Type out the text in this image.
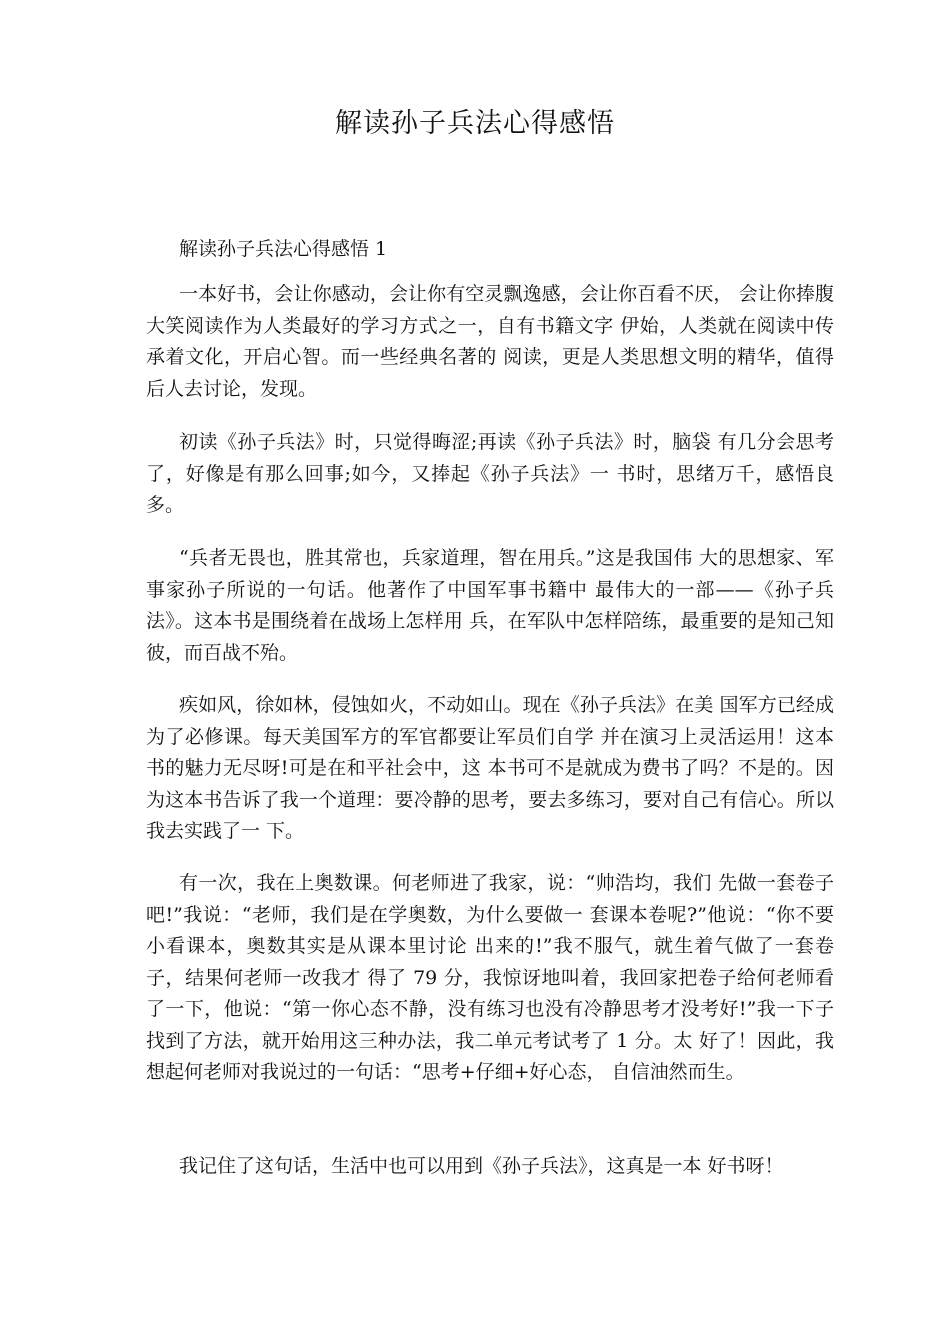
解读孙子兵法心得感悟
解读孙子兵法心得感悟 1

一本好书，会让你感动，会让你有空灵飘逸感，会让你百看不厌， 会让你捧腹大笑阅读作为人类最好的学习方式之一，自有书籍文字 伊始，人类就在阅读中传承着文化，开启心智。而一些经典名著的 阅读，更是人类思想文明的精华，值得后人去讨论，发现。

初读《孙子兵法》时，只觉得晦涩;再读《孙子兵法》时，脑袋 有几分会思考了，好像是有那么回事;如今，又捧起《孙子兵法》一 书时，思绪万千，感悟良多。

“兵者无畏也，胜其常也，兵家道理，智在用兵。”这是我国伟 大的思想家、军事家孙子所说的一句话。他著作了中国军事书籍中 最伟大的一部——《孙子兵法》。这本书是围绕着在战场上怎样用 兵，在军队中怎样陪练，最重要的是知己知彼，而百战不殆。

疾如风，徐如林，侵蚀如火，不动如山。现在《孙子兵法》在美 国军方已经成为了必修课。每天美国军方的军官都要让军员们自学 并在演习上灵活运用！这本书的魅力无尽呀!可是在和平社会中，这 本书可不是就成为费书了吗？不是的。因为这本书告诉了我一个道理：要冷静的思考，要去多练习，要对自己有信心。所以我去实践了一 下。

有一次，我在上奥数课。何老师进了我家，说：“帅浩均，我们 先做一套卷子吧!”我说：“老师，我们是在学奥数，为什么要做一 套课本卷呢?”他说：“你不要小看课本，奥数其实是从课本里讨论 出来的!”我不服气，就生着气做了一套卷子，结果何老师一改我才 得了 79 分，我惊讶地叫着，我回家把卷子给何老师看了一下，他说：“第一你心态不静，没有练习也没有冷静思考才没考好!”我一下子 找到了方法，就开始用这三种办法，我二单元考试考了 1 分。太 好了！因此，我想起何老师对我说过的一句话：“思考+仔细+好心态， 自信油然而生。

我记住了这句话，生活中也可以用到《孙子兵法》，这真是一本 好书呀！
